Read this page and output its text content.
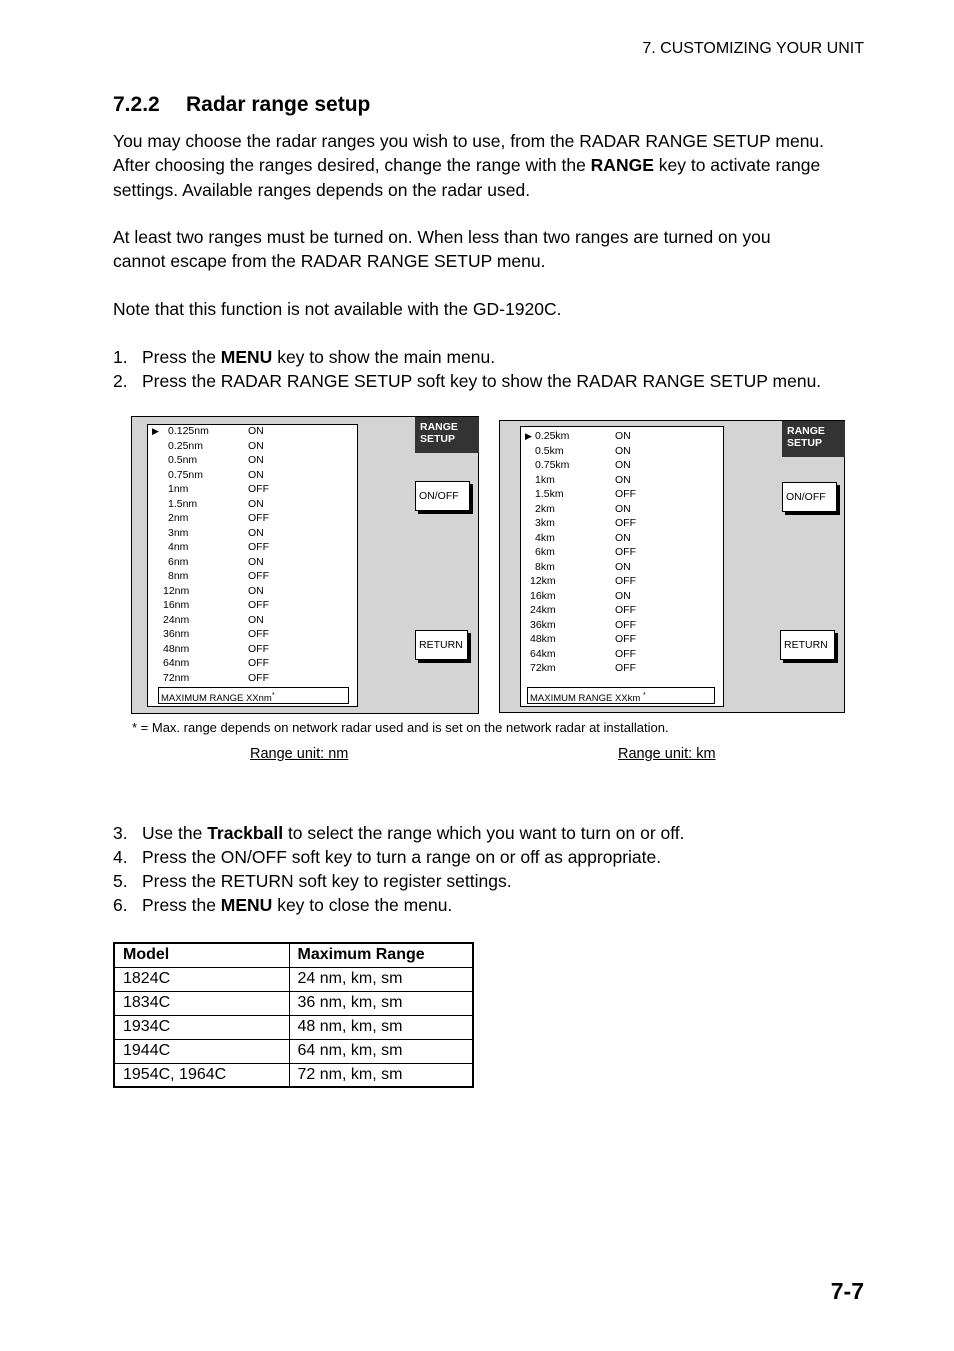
7. CUSTOMIZING YOUR UNIT
7.2.2 Radar range setup
You may choose the radar ranges you wish to use, from the RADAR RANGE SETUP menu.
After choosing the ranges desired, change the range with the RANGE key to activate range
settings. Available ranges depends on the radar used.
At least two ranges must be turned on. When less than two ranges are turned on you
cannot escape from the RADAR RANGE SETUP menu.
Note that this function is not available with the GD-1920C.
1. Press the MENU key to show the main menu.
2. Press the RADAR RANGE SETUP soft key to show the RADAR RANGE SETUP menu.
▶ 0.125nm	ON
0.25nm	ON
0.5nm	ON
0.75nm	ON
1nm	OFF
1.5nm	ON
2nm	OFF
3nm	ON
4nm	OFF
6nm	ON
8nm	OFF
12nm	ON
16nm	OFF
24nm	ON
36nm	OFF
48nm	OFF
64nm	OFF
72nm	OFF
MAXIMUM RANGE XXnm*
RANGE
SETUP
ON/OFF
RETURN
▶ 0.25km	ON
0.5km	ON
0.75km	ON
1km	ON
1.5km	OFF
2km	ON
3km	OFF
4km	ON
6km	OFF
8km	ON
12km	OFF
16km	ON
24km	OFF
36km	OFF
48km	OFF
64km	OFF
72km	OFF
MAXIMUM RANGE XXkm *
RANGE
SETUP
ON/OFF
RETURN
* = Max. range depends on network radar used and is set on the network radar at installation.
Range unit: nm	Range unit: km
3. Use the Trackball to select the range which you want to turn on or off.
4. Press the ON/OFF soft key to turn a range on or off as appropriate.
5. Press the RETURN soft key to register settings.
6. Press the MENU key to close the menu.
Model	Maximum Range
1824C	24 nm, km, sm
1834C	36 nm, km, sm
1934C	48 nm, km, sm
1944C	64 nm, km, sm
1954C, 1964C	72 nm, km, sm
7-7
